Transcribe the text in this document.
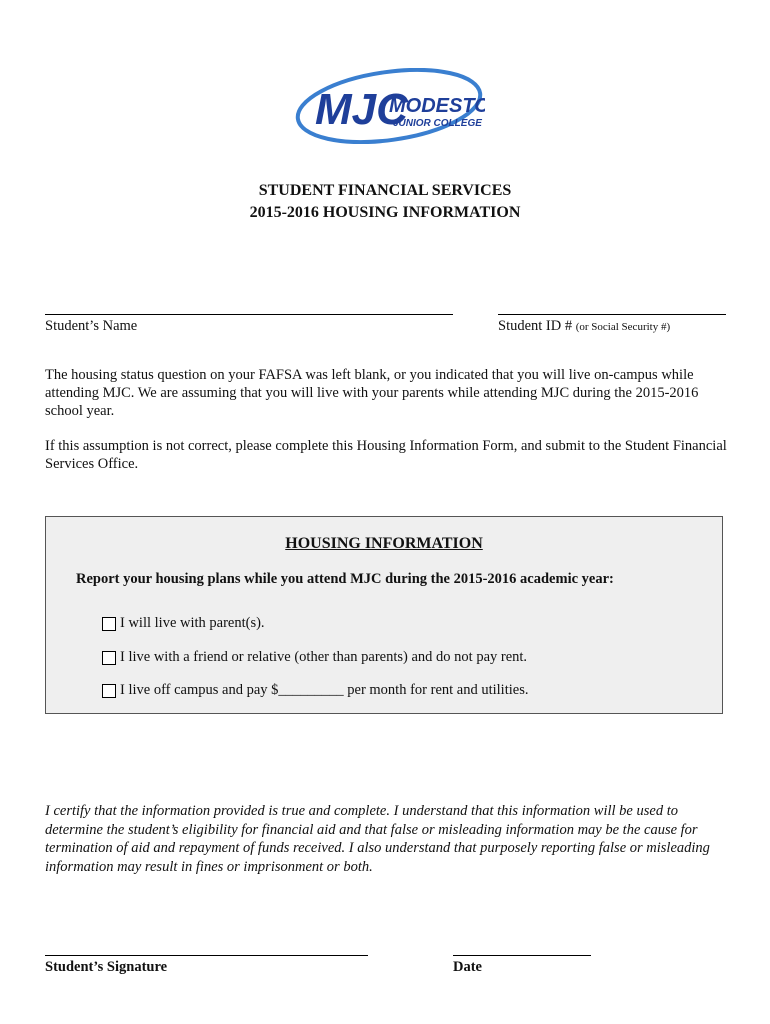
MJC
MODESTO
JUNIOR COLLEGE
STUDENT FINANCIAL SERVICES
2015-2016 HOUSING INFORMATION
Student’s Name	Student ID # (or Social Security #)
The housing status question on your FAFSA was left blank, or you indicated that you will live on-campus while attending MJC. We are assuming that you will live with your parents while attending MJC during the 2015-2016 school year.
If this assumption is not correct, please complete this Housing Information Form, and submit to the Student Financial Services Office.
HOUSING INFORMATION
Report your housing plans while you attend MJC during the 2015-2016 academic year:
I will live with parent(s).
I live with a friend or relative (other than parents) and do not pay rent.
I live off campus and pay $_________ per month for rent and utilities.
I certify that the information provided is true and complete. I understand that this information will be used to determine the student’s eligibility for financial aid and that false or misleading information may be the cause for termination of aid and repayment of funds received. I also understand that purposely reporting false or misleading information may result in fines or imprisonment or both.
Student’s Signature	Date
